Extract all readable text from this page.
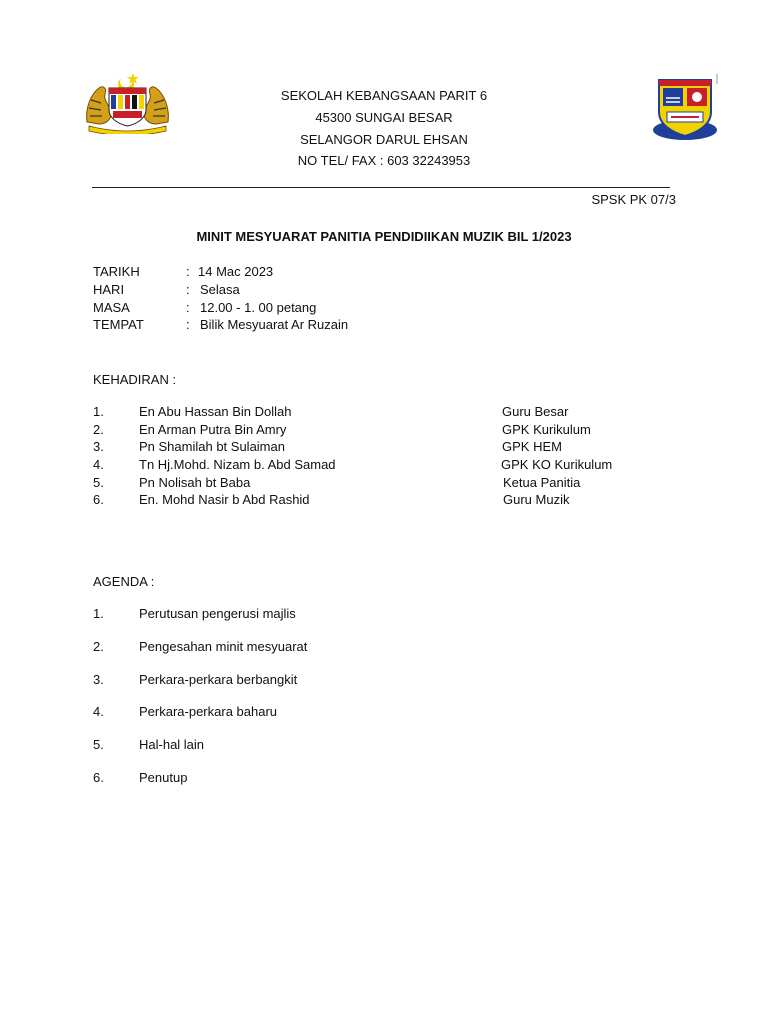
SEKOLAH KEBANGSAAN PARIT 6
45300 SUNGAI BESAR
SELANGOR DARUL EHSAN
NO TEL/ FAX : 603 32243953
SPSK PK 07/3
MINIT MESYUARAT PANITIA PENDIDIIKAN MUZIK BIL 1/2023
TARIKH	: 14 Mac 2023
HARI	: Selasa
MASA	: 12.00 - 1. 00 petang
TEMPAT	: Bilik Mesyuarat Ar Ruzain
KEHADIRAN :
1.	En Abu Hassan Bin Dollah	Guru Besar
2.	En Arman Putra Bin Amry	GPK Kurikulum
3.	Pn Shamilah bt Sulaiman	GPK HEM
4.	Tn Hj.Mohd. Nizam b. Abd Samad	GPK KO Kurikulum
5.	Pn Nolisah bt Baba	Ketua Panitia
6.	En. Mohd Nasir b Abd Rashid	Guru Muzik
AGENDA :
1.	Perutusan pengerusi majlis
2.	Pengesahan minit mesyuarat
3.	Perkara-perkara berbangkit
4.	Perkara-perkara baharu
5.	Hal-hal lain
6.	Penutup
